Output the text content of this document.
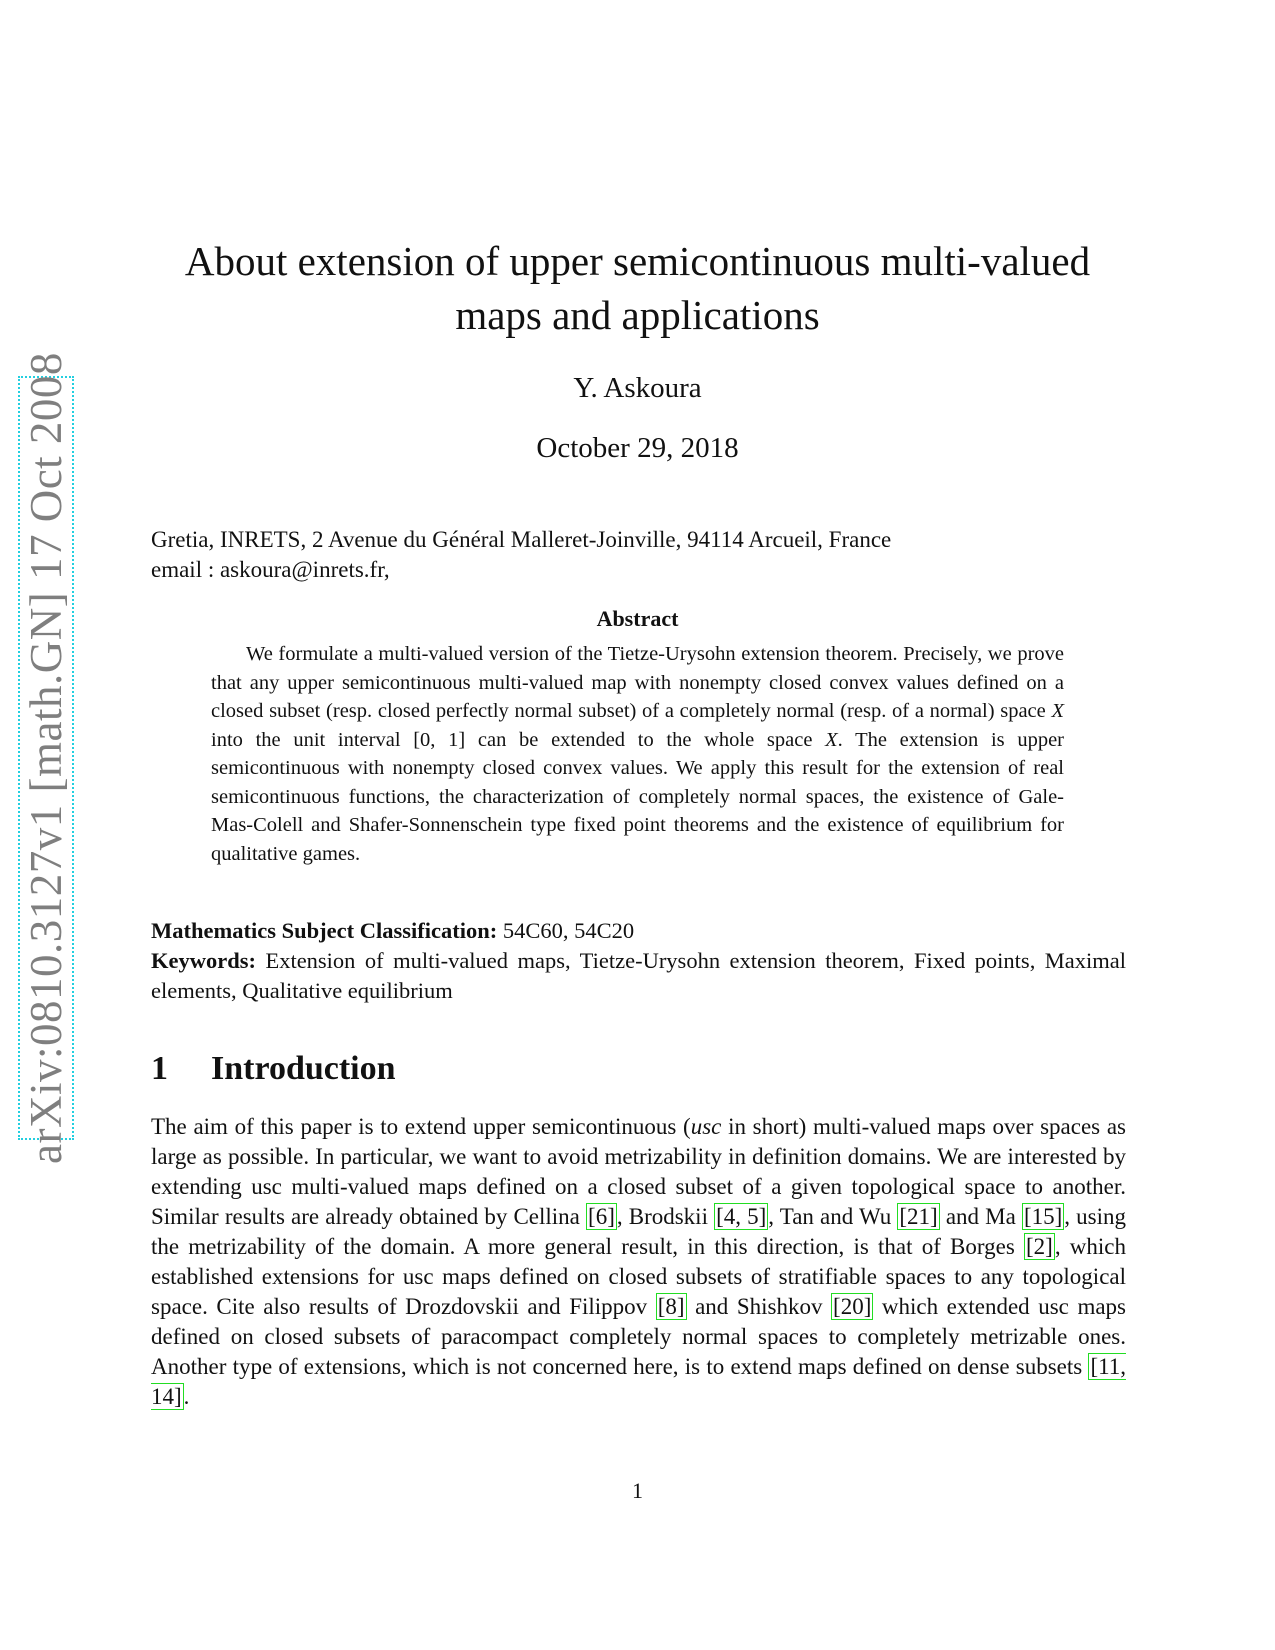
arXiv:0810.3127v1 [math.GN] 17 Oct 2008
About extension of upper semicontinuous multi-valued
maps and applications

Y. Askoura

October 29, 2018

Gretia, INRETS, 2 Avenue du Général Malleret-Joinville, 94114 Arcueil, France
email : askoura@inrets.fr,
Abstract

We formulate a multi-valued version of the Tietze-Urysohn extension theorem. Precisely, we prove that any upper semicontinuous multi-valued map with nonempty closed convex values defined on a closed subset (resp. closed perfectly normal subset) of a completely normal (resp. of a normal) space X into the unit interval [0, 1] can be extended to the whole space X. The extension is upper semicontinuous with nonempty closed convex values. We apply this result for the extension of real semicontinuous functions, the characterization of completely normal spaces, the existence of Gale-Mas-Colell and Shafer-Sonnenschein type fixed point theorems and the existence of equilibrium for qualitative games.

Mathematics Subject Classification: 54C60, 54C20

Keywords: Extension of multi-valued maps, Tietze-Urysohn extension theorem, Fixed points, Maximal elements, Qualitative equilibrium

1 Introduction

The aim of this paper is to extend upper semicontinuous (usc in short) multi-valued maps over spaces as large as possible. In particular, we want to avoid metrizability in definition domains. We are interested by extending usc multi-valued maps defined on a closed subset of a given topological space to another. Similar results are already obtained by Cellina [6], Brodskii [4, 5], Tan and Wu [21] and Ma [15], using the metrizability of the domain. A more general result, in this direction, is that of Borges [2], which established extensions for usc maps defined on closed subsets of stratifiable spaces to any topological space. Cite also results of Drozdovskii and Filippov [8] and Shishkov [20] which extended usc maps defined on closed subsets of paracompact completely normal spaces to completely metrizable ones. Another type of extensions, which is not concerned here, is to extend maps defined on dense subsets [11, 14].

1
